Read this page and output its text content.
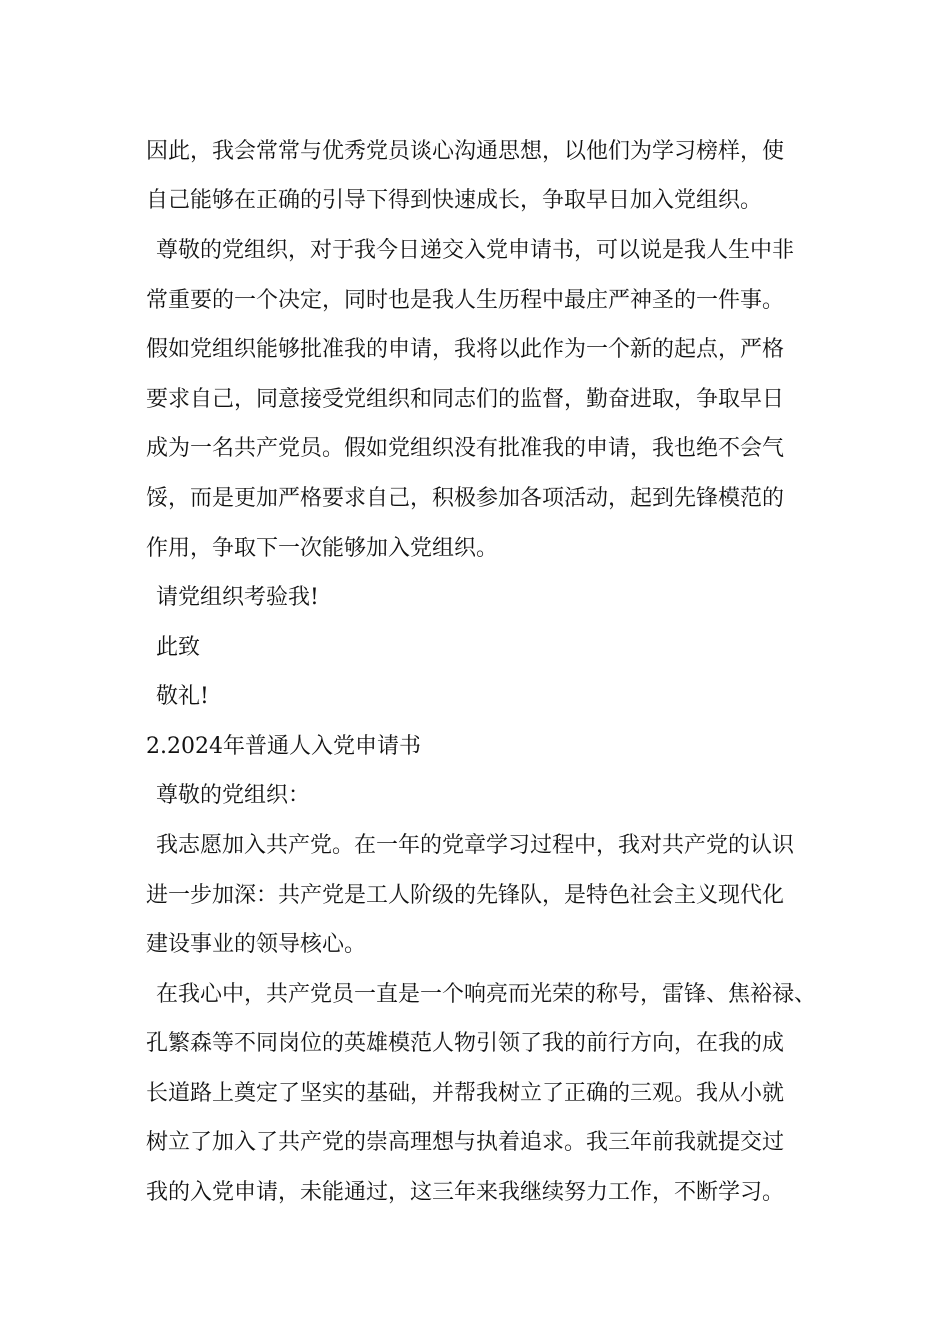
因此，我会常常与优秀党员谈心沟通思想，以他们为学习榜样，使

自己能够在正确的引导下得到快速成长，争取早日加入党组织。

尊敬的党组织，对于我今日递交入党申请书，可以说是我人生中非

常重要的一个决定，同时也是我人生历程中最庄严神圣的一件事。

假如党组织能够批准我的申请，我将以此作为一个新的起点，严格

要求自己，同意接受党组织和同志们的监督，勤奋进取，争取早日

成为一名共产党员。假如党组织没有批准我的申请，我也绝不会气

馁，而是更加严格要求自己，积极参加各项活动，起到先锋模范的

作用，争取下一次能够加入党组织。

请党组织考验我!

此致

敬礼!

2.2024年普通人入党申请书

尊敬的党组织：

我志愿加入共产党。在一年的党章学习过程中，我对共产党的认识

进一步加深：共产党是工人阶级的先锋队，是特色社会主义现代化

建设事业的领导核心。

在我心中，共产党员一直是一个响亮而光荣的称号，雷锋、焦裕禄、

孔繁森等不同岗位的英雄模范人物引领了我的前行方向，在我的成

长道路上奠定了坚实的基础，并帮我树立了正确的三观。我从小就

树立了加入了共产党的崇高理想与执着追求。我三年前我就提交过

我的入党申请，未能通过，这三年来我继续努力工作，不断学习。
